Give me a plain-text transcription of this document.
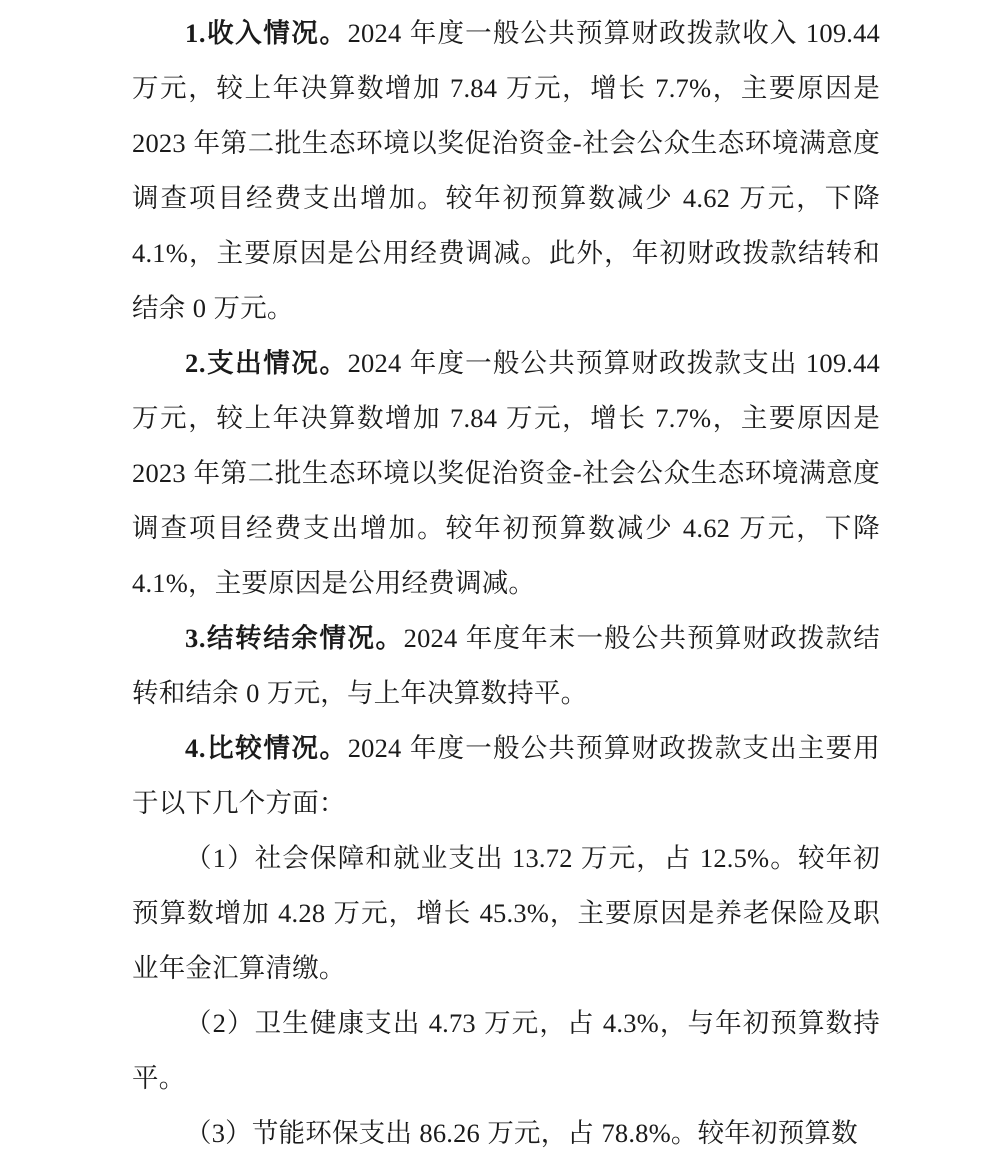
1.收入情况。2024 年度一般公共预算财政拨款收入 109.44 万元，较上年决算数增加 7.84 万元，增长 7.7%，主要原因是 2023 年第二批生态环境以奖促治资金-社会公众生态环境满意度调查项目经费支出增加。较年初预算数减少 4.62 万元，下降 4.1%，主要原因是公用经费调减。此外，年初财政拨款结转和结余 0 万元。

2.支出情况。2024 年度一般公共预算财政拨款支出 109.44 万元，较上年决算数增加 7.84 万元，增长 7.7%，主要原因是 2023 年第二批生态环境以奖促治资金-社会公众生态环境满意度调查项目经费支出增加。较年初预算数减少 4.62 万元，下降 4.1%，主要原因是公用经费调减。

3.结转结余情况。2024 年度年末一般公共预算财政拨款结转和结余 0 万元，与上年决算数持平。

4.比较情况。2024 年度一般公共预算财政拨款支出主要用于以下几个方面：

（1）社会保障和就业支出 13.72 万元，占 12.5%。较年初预算数增加 4.28 万元，增长 45.3%，主要原因是养老保险及职业年金汇算清缴。

（2）卫生健康支出 4.73 万元，占 4.3%，与年初预算数持平。

（3）节能环保支出 86.26 万元，占 78.8%。较年初预算数
